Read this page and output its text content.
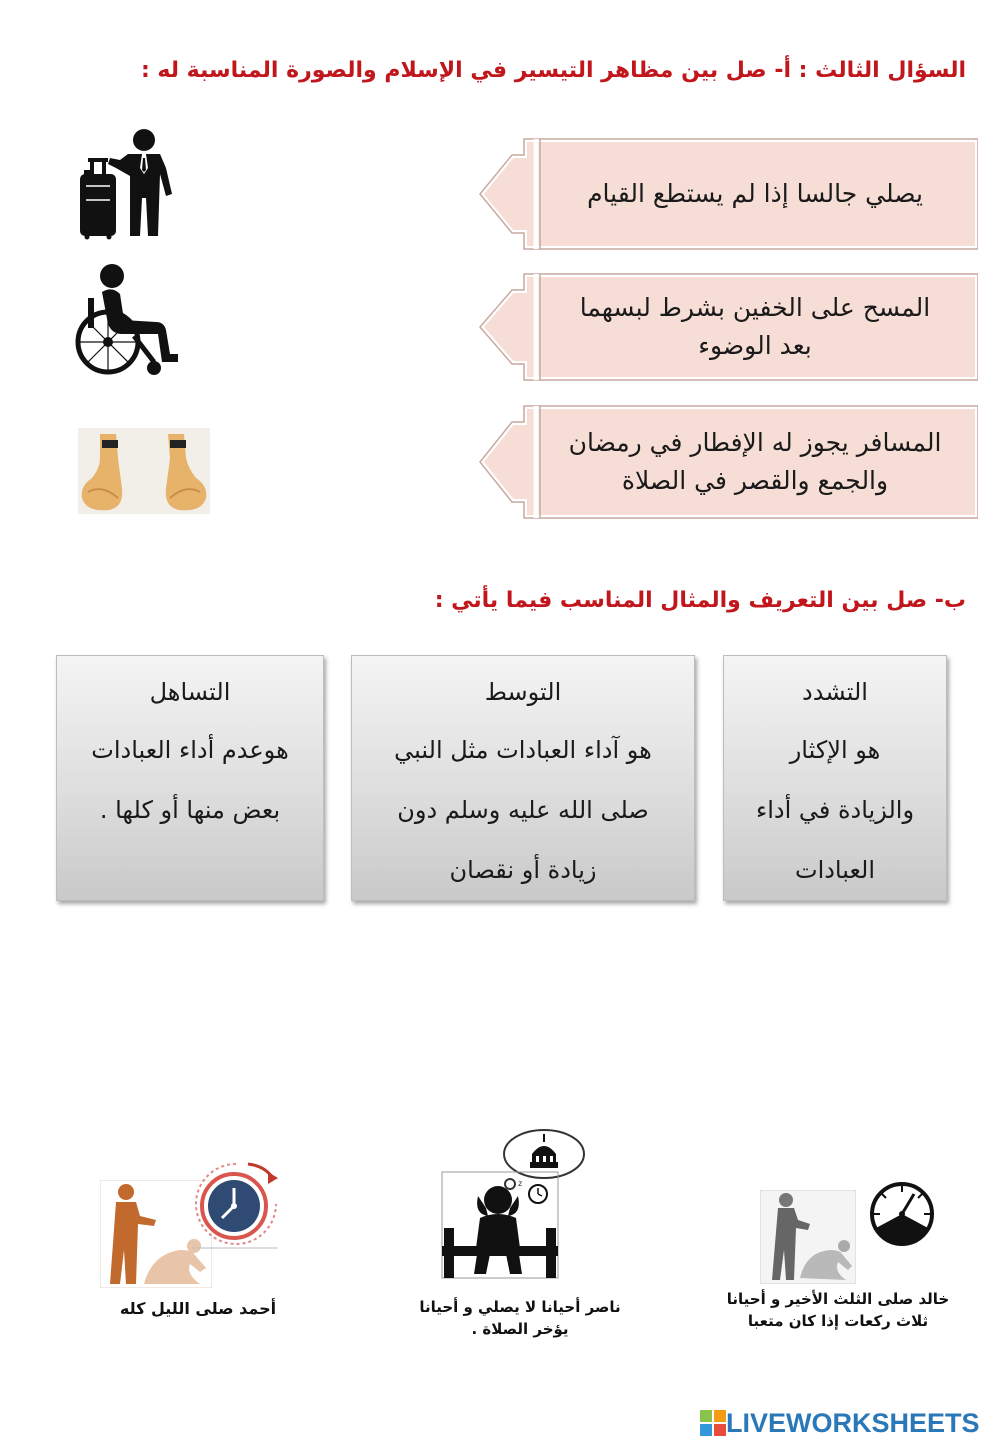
السؤال الثالث : أ- صل بين مظاهر التيسير في الإسلام والصورة المناسبة له :
يصلي جالسا إذا لم يستطع القيام
المسح على الخفين بشرط لبسهما
بعد الوضوء
المسافر يجوز له الإفطار في رمضان
والجمع والقصر في الصلاة
ب- صل بين التعريف والمثال المناسب فيما يأتي :
التشدد
هو الإكثار
والزيادة في أداء
العبادات
التوسط
هو آداء العبادات مثل النبي
صلى الله عليه وسلم دون
زيادة أو نقصان
التساهل
هوعدم أداء العبادات
بعض منها أو كلها .
خالد صلى الثلث الأخير و أحيانا
ثلاث ركعات إذا كان متعبا
z
ناصر أحيانا لا يصلي و أحيانا
يؤخر الصلاة .
أحمد صلى الليل كله
LIVEWORKSHEETS
